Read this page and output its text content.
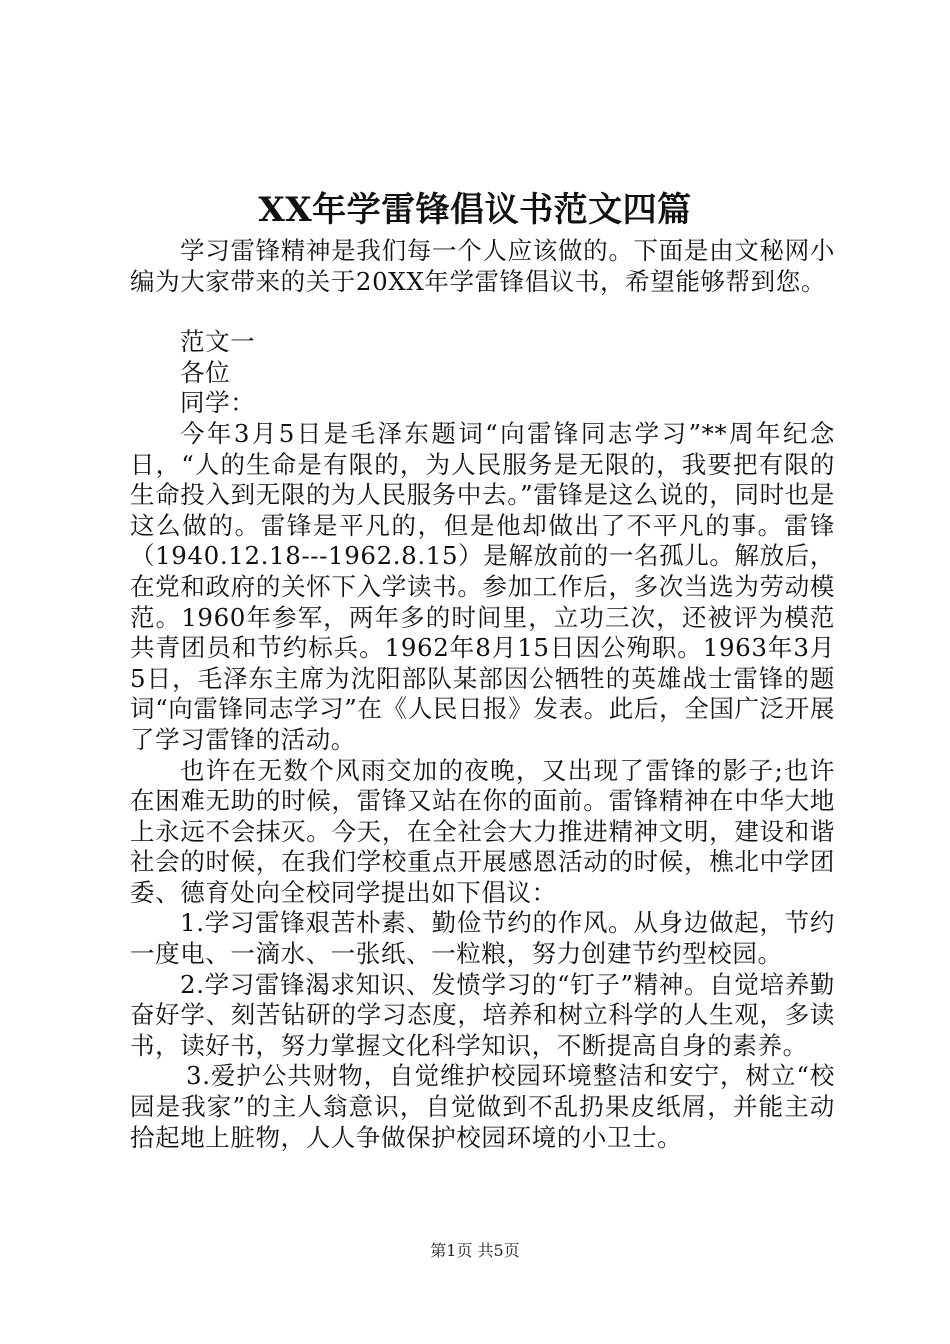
XX年学雷锋倡议书范文四篇

学习雷锋精神是我们每一个人应该做的。下面是由文秘网小编为大家带来的关于20XX年学雷锋倡议书，希望能够帮到您。

范文一

各位

同学：

今年3月5日是毛泽东题词“向雷锋同志学习”**周年纪念日，“人的生命是有限的，为人民服务是无限的，我要把有限的生命投入到无限的为人民服务中去。”雷锋是这么说的，同时也是这么做的。雷锋是平凡的，但是他却做出了不平凡的事。雷锋（1940.12.18---1962.8.15）是解放前的一名孤儿。解放后，在党和政府的关怀下入学读书。参加工作后，多次当选为劳动模范。1960年参军，两年多的时间里，立功三次，还被评为模范共青团员和节约标兵。1962年8月15日因公殉职。1963年3月5日，毛泽东主席为沈阳部队某部因公牺牲的英雄战士雷锋的题词“向雷锋同志学习”在《人民日报》发表。此后，全国广泛开展了学习雷锋的活动。

也许在无数个风雨交加的夜晚，又出现了雷锋的影子;也许在困难无助的时候，雷锋又站在你的面前。雷锋精神在中华大地上永远不会抹灭。今天，在全社会大力推进精神文明，建设和谐社会的时候，在我们学校重点开展感恩活动的时候，樵北中学团委、德育处向全校同学提出如下倡议：

1.学习雷锋艰苦朴素、勤俭节约的作风。从身边做起，节约一度电、一滴水、一张纸、一粒粮，努力创建节约型校园。

2.学习雷锋渴求知识、发愤学习的“钉子”精神。自觉培养勤奋好学、刻苦钻研的学习态度，培养和树立科学的人生观，多读书，读好书，努力掌握文化科学知识，不断提高自身的素养。

3.爱护公共财物，自觉维护校园环境整洁和安宁，树立“校园是我家”的主人翁意识，自觉做到不乱扔果皮纸屑，并能主动拾起地上脏物，人人争做保护校园环境的小卫士。

第1页 共5页
